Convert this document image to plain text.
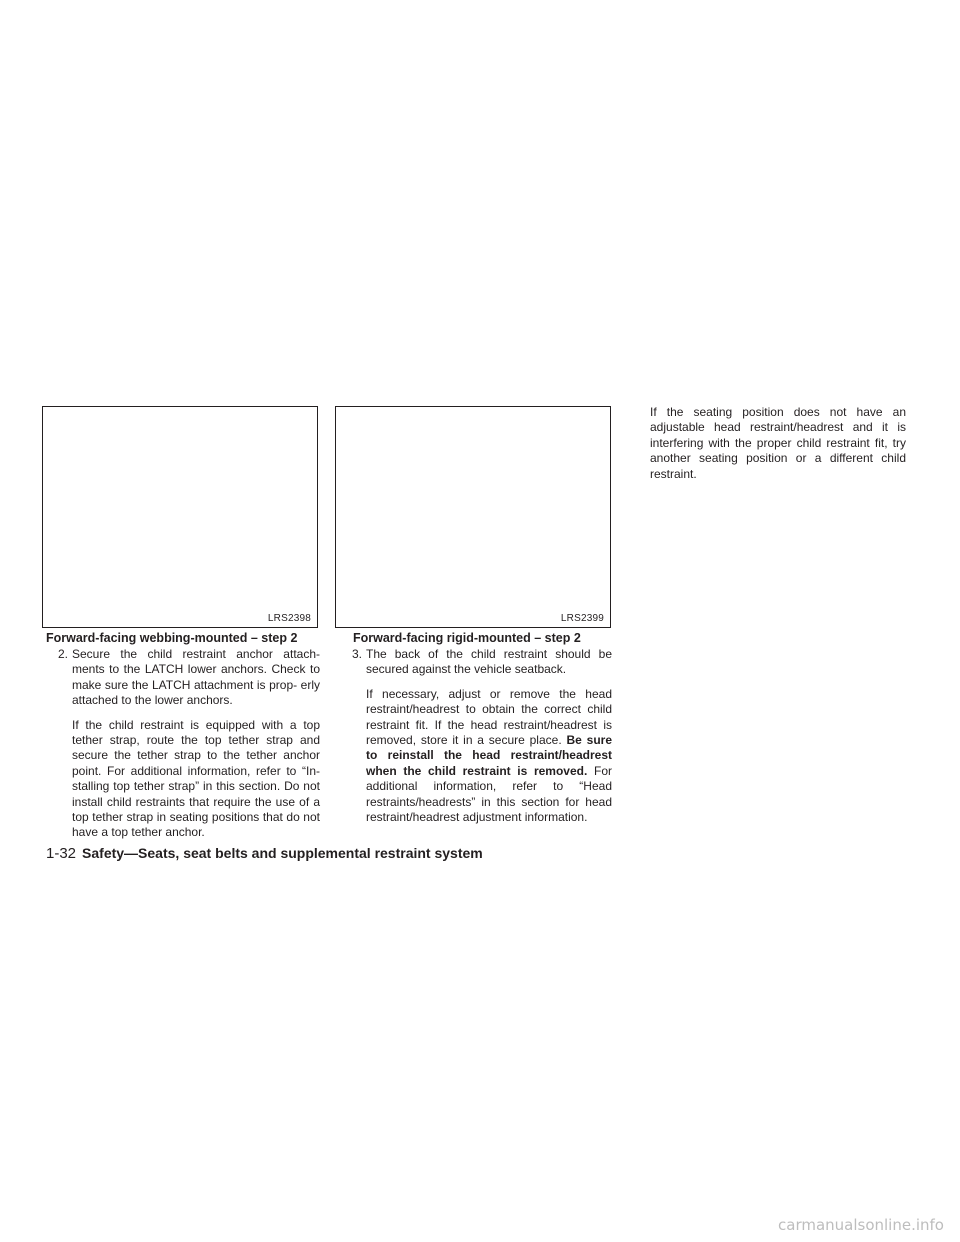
LRS2398	LRS2399
Forward-facing webbing-mounted – step 2	Forward-facing rigid-mounted – step 2

2. Secure the child restraint anchor attach- ments to the LATCH lower anchors. Check to make sure the LATCH attachment is prop- erly attached to the lower anchors.

If the child restraint is equipped with a top tether strap, route the top tether strap and secure the tether strap to the tether anchor point. For additional information, refer to “In- stalling top tether strap” in this section. Do not install child restraints that require the use of a top tether strap in seating positions that do not have a top tether anchor.

3. The back of the child restraint should be secured against the vehicle seatback.

If necessary, adjust or remove the head restraint/headrest to obtain the correct child restraint fit. If the head restraint/headrest is removed, store it in a secure place. Be sure to reinstall the head restraint/headrest when the child restraint is removed. For additional information, refer to “Head restraints/headrests” in this section for head restraint/headrest adjustment information.

If the seating position does not have an adjustable head restraint/headrest and it is interfering with the proper child restraint fit, try another seating position or a different child restraint.

1-32 Safety—Seats, seat belts and supplemental restraint system
carmanualsonline.info
